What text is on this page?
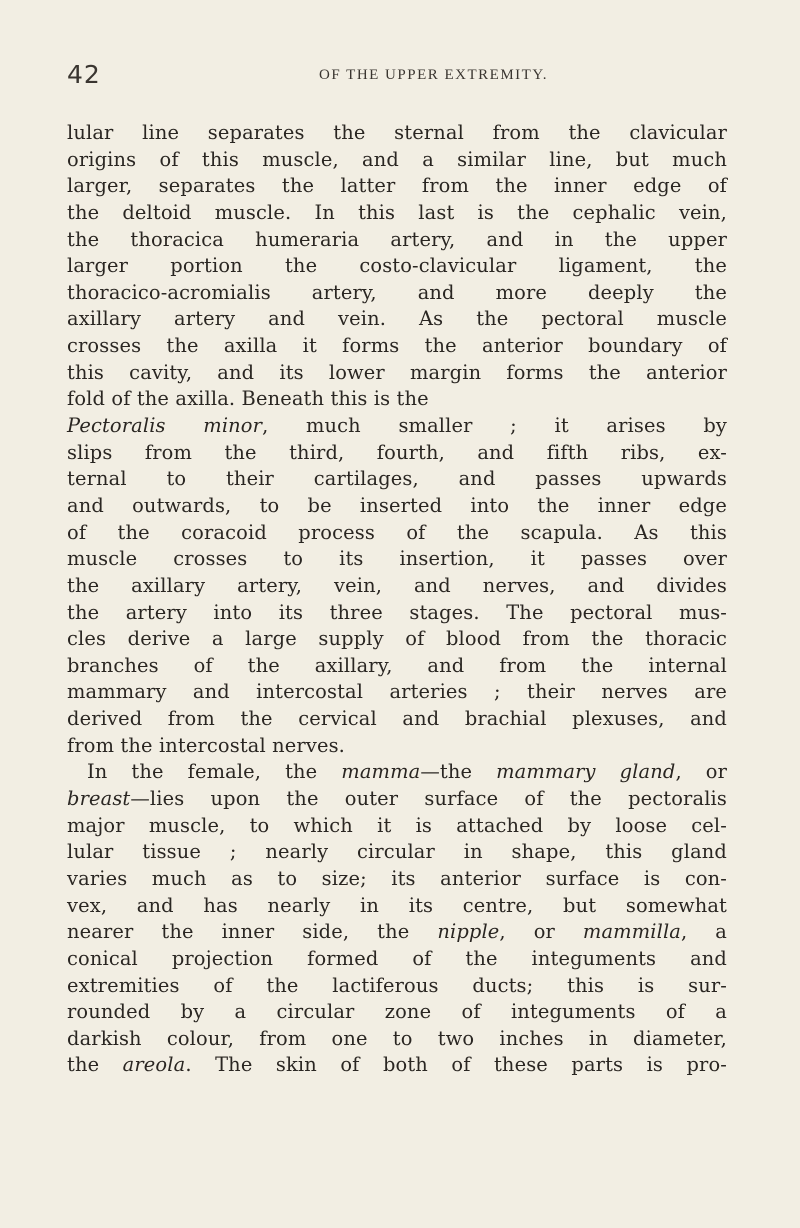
42	OF THE UPPER EXTREMITY.
lular line separates the sternal from the clavicular
origins of this muscle, and a similar line, but much
larger, separates the latter from the inner edge of
the deltoid muscle. In this last is the cephalic vein,
the thoracica humeraria artery, and in the upper
larger portion the costo-clavicular ligament, the
thoracico-acromialis artery, and more deeply the
axillary artery and vein. As the pectoral muscle
crosses the axilla it forms the anterior boundary of
this cavity, and its lower margin forms the anterior
fold of the axilla. Beneath this is the
Pectoralis minor, much smaller ; it arises by
slips from the third, fourth, and fifth ribs, ex-
ternal to their cartilages, and passes upwards
and outwards, to be inserted into the inner edge
of the coracoid process of the scapula. As this
muscle crosses to its insertion, it passes over
the axillary artery, vein, and nerves, and divides
the artery into its three stages. The pectoral mus-
cles derive a large supply of blood from the thoracic
branches of the axillary, and from the internal
mammary and intercostal arteries ; their nerves are
derived from the cervical and brachial plexuses, and
from the intercostal nerves.
In the female, the mamma—the mammary gland, or
breast—lies upon the outer surface of the pectoralis
major muscle, to which it is attached by loose cel-
lular tissue ; nearly circular in shape, this gland
varies much as to size; its anterior surface is con-
vex, and has nearly in its centre, but somewhat
nearer the inner side, the nipple, or mammilla, a
conical projection formed of the integuments and
extremities of the lactiferous ducts; this is sur-
rounded by a circular zone of integuments of a
darkish colour, from one to two inches in diameter,
the areola. The skin of both of these parts is pro-
